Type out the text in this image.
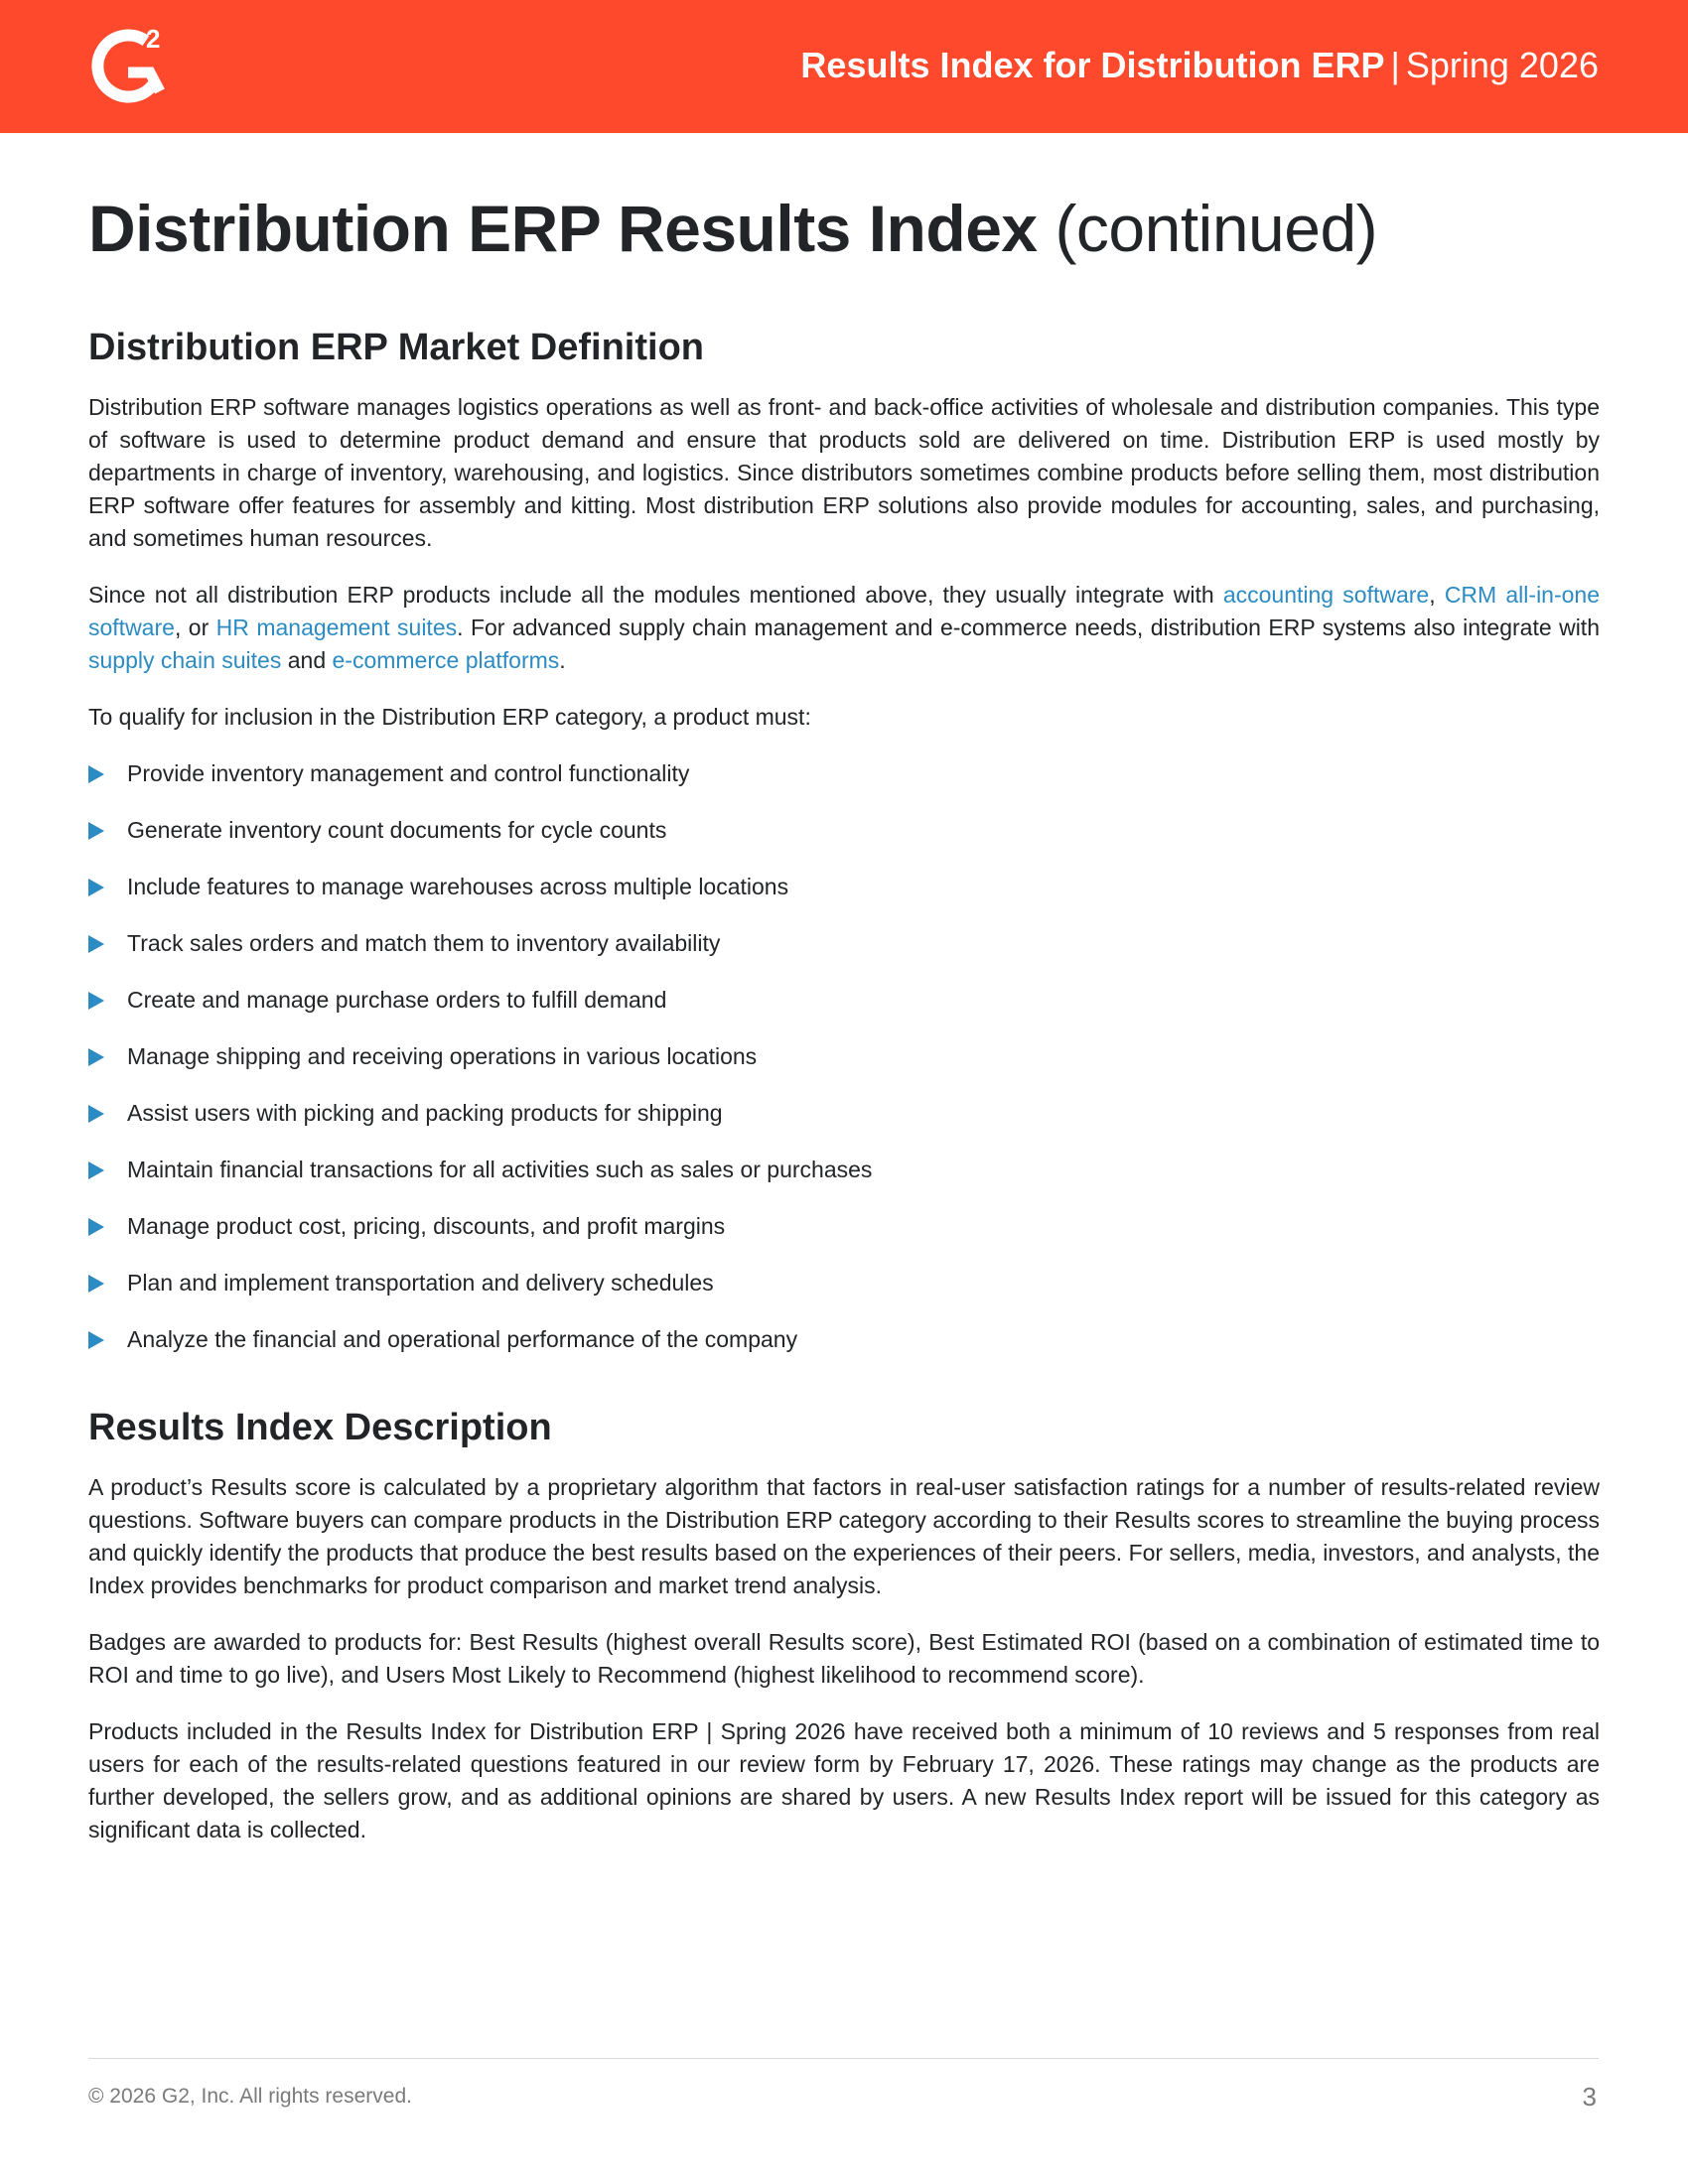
2
Results Index for Distribution ERP | Spring 2026
Distribution ERP Results Index (continued)
Distribution ERP Market Definition

Distribution ERP software manages logistics operations as well as front- and back-office activities of wholesale and distribution companies. This type of software is used to determine product demand and ensure that products sold are delivered on time. Distribution ERP is used mostly by departments in charge of inventory, warehousing, and logistics. Since distributors sometimes combine products before selling them, most distribution ERP software offer features for assembly and kitting. Most distribution ERP solutions also provide modules for accounting, sales, and purchasing, and sometimes human resources.

Since not all distribution ERP products include all the modules mentioned above, they usually integrate with accounting software, CRM all-in-one software, or HR management suites. For advanced supply chain management and e-commerce needs, distribution ERP systems also integrate with supply chain suites and e-commerce platforms.

To qualify for inclusion in the Distribution ERP category, a product must:

Provide inventory management and control functionality
Generate inventory count documents for cycle counts
Include features to manage warehouses across multiple locations
Track sales orders and match them to inventory availability
Create and manage purchase orders to fulfill demand
Manage shipping and receiving operations in various locations
Assist users with picking and packing products for shipping
Maintain financial transactions for all activities such as sales or purchases
Manage product cost, pricing, discounts, and profit margins
Plan and implement transportation and delivery schedules
Analyze the financial and operational performance of the company
Results Index Description

A product’s Results score is calculated by a proprietary algorithm that factors in real-user satisfaction ratings for a number of results-related review questions. Software buyers can compare products in the Distribution ERP category according to their Results scores to streamline the buying process and quickly identify the products that produce the best results based on the experiences of their peers. For sellers, media, investors, and analysts, the Index provides benchmarks for product comparison and market trend analysis.

Badges are awarded to products for: Best Results (highest overall Results score), Best Estimated ROI (based on a combination of estimated time to ROI and time to go live), and Users Most Likely to Recommend (highest likelihood to recommend score).

Products included in the Results Index for Distribution ERP | Spring 2026 have received both a minimum of 10 reviews and 5 responses from real users for each of the results-related questions featured in our review form by February 17, 2026. These ratings may change as the products are further developed, the sellers grow, and as additional opinions are shared by users. A new Results Index report will be issued for this category as significant data is collected.

© 2026 G2, Inc. All rights reserved.	3
